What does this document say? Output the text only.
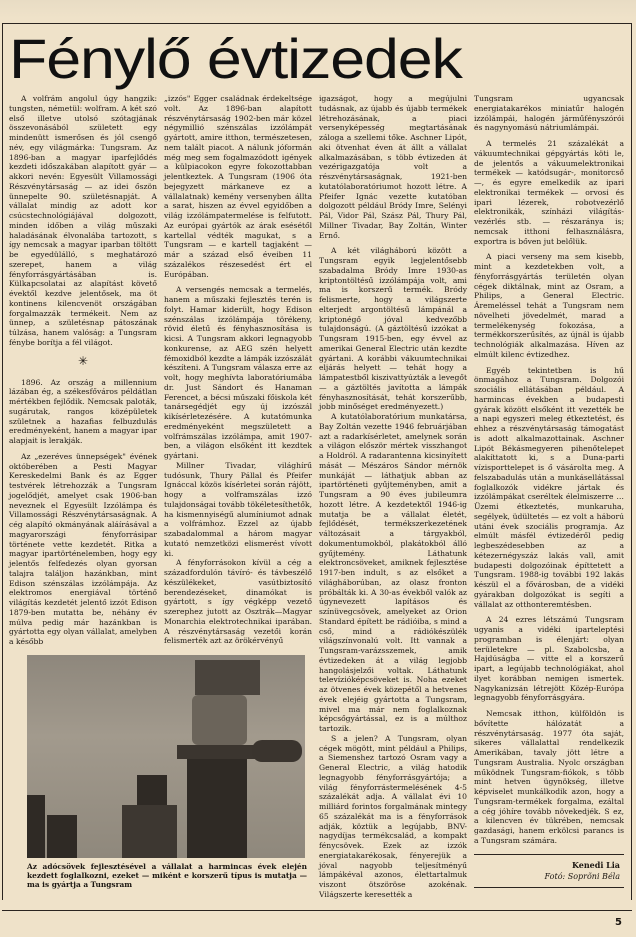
Fénylő évtizedek

A volfrám angolul úgy hangzik: tungsten, németül: wolfram. A két szó első illetve utolsó szótagjának összevonásából született egy mindenütt ismerősen és jól csengő név, egy világmárka: Tungsram. Az 1896-ban a magyar iparfejlődés kezdeti időszakában alapított gyár — akkori nevén: Egyesült Villamossági Részvénytársaság — az idei őszön ünnepelte 90. születésnapját. A vállalat mindig az adott kor csúcstechnológiájával dolgozott, minden időben a világ műszaki haladásának élvonalába tartozott, s így nemcsak a magyar iparban töltött be egyedülálló, s meghatározó szerepet, hanem a világ fényforrásgyártásában is. Külkapcsolatai az alapítást követő évektől kezdve jelentősek, ma öt kontinens kilencvenöt országában forgalmazzák termékeit. Nem az ünnep, a születésnap pátoszának túlzása, hanem valóság: a Tungsram fénybe borítja a fél világot.

✳

1896. Az ország a millennium lázában ég, a székesfőváros példátlan mértékben fejlődik. Nemcsak paloták, sugárutak, rangos középületek születnek a hazafias felbuzdulás eredményeként, hanem a magyar ipar alapjait is lerakják.

Az „ezeréves ünnepségek" évének októberében a Pesti Magyar Kereskedelmi Bank és az Egger testvérek létrehozzák a Tungsram jogelődjét, amelyet csak 1906-ban neveznek el Egyesült Izzólámpa és Villamossági Részvénytársaságnak. A cég alapító okmányának aláírásával a magyarországi fényforrásipar története vette kezdetét. Ritka a magyar ipartörténelemben, hogy egy jelentős felfedezés olyan gyorsan talajra találjon hazánkban, mint Edison szénszálas izzólámpája. Az elektromos energiával történő világítás kezdetét jelentő izzót Edison 1879-ben mutatta be, néhány év múlva pedig már hazánkban is gyártotta egy olyan vállalat, amelyben a később

„izzós" Egger családnak érdekeltsége volt. Az 1896-ban alapított részvénytársaság 1902-ben már közel négymillió szénszálas izzólámpát gyártott, amire itthon, természetesen, nem talált piacot. A nálunk jóformán még meg sem fogalmazódott igények a külpiacokon egyre fokozottabban jelentkeztek. A Tungsram (1906 óta bejegyzett márkaneve ez a vállalatnak) kemény versenyben állta a sarat, hiszen az évvel egyidőben a világ izzólámpatermelése is felfutott. Az európai gyártók az árak esésétől kartellal védték magukat, s a Tungsram — e kartell tagjaként — már a század első éveiben 11 százalékos részesedést ért el Európában.

A versengés nemcsak a termelés, hanem a műszaki fejlesztés terén is folyt. Hamar kiderült, hogy Edison szénszálas izzólámpája törékeny, rövid életű és fényhasznosítása is kicsi. A Tungsram akkori legnagyobb konkurense, az AEG szén helyett fémoxidból kezdte a lámpák izzószálát készíteni. A Tungsram válasza erre az volt, hogy meghívta laboratóriumába dr. Just Sándort és Hanaman Ferencet, a bécsi műszaki főiskola két tanársegédjét egy új izzószál kikísérletezésére. A kutatómunka eredményeként megszületett a volfrámszálas izzólámpa, amit 1907-ben, a világon elsőként itt kezdtek gyártani.

Millner Tivadar, világhírű tudósunk, Thury Pállal és Pfeifer Ignáccal közös kísérletei során rájött, hogy a volframszálas izzó tulajdonságai tovább tökéletesíthetők, ha kismennyiségű alumíniumot adnak a volfrámhoz. Ezzel az újabb szabadalommal a három magyar kutató nemzetközi elismerést vívott ki.

A fényforrásokon kívül a cég a századfordulón távíró- és távbeszélő készülékeket, vasútbiztosító berendezéseket, dinamókat is gyártott, s így végképp vezető szerephez jutott az Osztrák—Magyar Monarchia elektrotechnikai iparában. A részvénytársaság vezetői korán felismerték azt az örökérvényű

Az adócsövek fejlesztésével a vállalat a harmincas évek elején kezdett foglalkozni, ezeket — miként e korszerű típus is mutatja — ma is gyártja a Tungsram

igazságot, hogy a megújulni tudásnak, az újabb és újabb termékek létrehozásának, a piaci versenyképesség megtartásának záloga a szellemi tőke. Aschner Lipót, aki ötvenhat éven át állt a vállalat alkalmazásában, s több évtizeden át vezérigazgatója volt a részvénytársaságnak, 1921-ben kutatólaboratóriumot hozott létre. A Pfeifer Ignác vezette kutatóban dolgozott például Bródy Imre, Selényi Pál, Vidor Pál, Szász Pál, Thury Pál, Millner Tivadar, Bay Zoltán, Winter Ernő.

A két világháború között a Tungsram egyik legjelentősebb szabadalma Bródy Imre 1930-as kriptontöltésű izzólámpája volt, ami ma is korszerű termék. Bródy felismerte, hogy a világszerte elterjedt argontöltésű lámpánál a kriptonégő jóval kedvezőbb tulajdonságú. (A gáztöltésű izzókat a Tungsram 1915-ben, egy évvel az amerikai General Electric után kezdte gyártani. A korábbi vákuumtechnikai eljárás helyett — tehát hogy a lámpatestből kiszivattyúzták a levegőt — a gáztöltés javította a lámpák fényhasznosítását, tehát korszerűbb, jobb minőséget eredményezett.)

A kutatólaboratórium munkatársa, Bay Zoltán vezette 1946 februárjában azt a radarkísérletet, amelynek során a világon először mértek visszhangot a Holdról. A radarantenna kicsinyített mását — Mészáros Sándor mérnök munkáját — láthatjuk abban az ipartörténeti gyűjteményben, amit a Tungsram a 90 éves jubileumra hozott létre. A kezdetektől 1946-ig mutatja be a vállalat életét, fejlődését, termékszerkezetének változásait a tárgyakból, dokumentumokból, plakátokból álló gyűjtemény. Láthatunk elektroncsöveket, amiknek fejlesztése 1917-ben indult, s az elsőket a világháborúban, az olasz fronton próbálták ki. A 30-as évekből valók az úgynevezett lapításos és színüvegcsövek, amelyeket az Orion Standard épített be rádióiba, s mind a cső, mind a rádiókészülék világszínvonalú volt. Itt vannak a Tungsram-varázsszemek, amik évtizedeken át a világ legjobb hangolásjelzői voltak. Láthatunk televízióképcsöveket is. Noha ezeket az ötvenes évek közepétől a hetvenes évek elejéig gyártotta a Tungsram, mivel ma már nem foglalkoznak képcsőgyártással, ez is a múlthoz tartozik.

S a jelen? A Tungsram, olyan cégek mögött, mint például a Philips, a Siemenshez tartozó Osram vagy a General Electric, a világ hatodik legnagyobb fényforrásgyártója; a világ fényforrástermelésének 4-5 százalékát adja. A vállalat évi 10 milliárd forintos forgalmának mintegy 65 százalékát ma is a fényforrások adják, köztük a legújabb, BNV-nagydíjas termékcsalád, a kompakt fénycsövek. Ezek az izzók energiatakarékosak, fényerejük a jóval nagyobb teljesítményű lámpákéval azonos, élettartalmuk viszont ötszöröse azokénak. Világszerte keresették a

Tungsram ugyancsak energiatakarékos miniatűr halogén izzólámpái, halogén járműfényszórói és nagynyomású nátriumlámpái.

A termelés 21 százalékát a vákuumtechnikai gépgyártás köti le, de jelentős a vákuumelektronikai termékek — katódsugár-, monitorcső —, és egyre emelkedik az ipari elektronikai termékek — orvosi és ipari lézerek, robotvezérlő elektronikák, színházi világítás-vezérlés stb. — részaránya is; nemcsak itthoni felhasználásra, exportra is bőven jut belőlük.

A piaci verseny ma sem kisebb, mint a kezdetekben volt, a fényforrásgyártás területén olyan cégek diktálnak, mint az Osram, a Philips, a General Electric. Áremeléssel tehát a Tungsram nem növelheti jövedelmét, marad a termelékenység fokozása, a termékkorszerűsítés, az újnál is újabb technológiák alkalmazása. Híven az elmúlt kilenc évtizedhez.

Egyéb tekintetben is hű önmagához a Tungsram. Dolgozói szociális ellátásában például. A harmincas években a budapesti gyárak között elsőként itt vezették be a napi egyszeri meleg étkeztetést, és ehhez a részvénytársaság támogatást is adott alkalmazottainak. Aschner Lipót Békásmegyeren pihenőtelepet alakíttatott ki, s a Duna-parti vízisporttelepet is ő vásárolta meg. A felszabadulás után a munkásellátással foglalkozók vidékre jártak és izzólámpákat cseréltek élelmiszerre … Üzemi étkeztetés, munkaruha, segélyek, üdültetés — ez volt a háború utáni évek szociális programja. Az elmúlt másfél évtizedéről pedig legbeszédesebben az a kétezernégyszáz lakás vall, amit budapesti dolgozóinak építtetett a Tungsram. 1988-ig további 192 lakás készül el a fővárosban, de a vidéki gyárakban dolgozókat is segíti a vállalat az otthonteremtésben.

A 24 ezres létszámú Tungsram ugyanis a vidéki iparteleptési programban is élenjárt: olyan területekre — pl. Szabolcsba, a Hajdúságba — vitte el a korszerű ipart, a legújabb technológiákat, ahol ilyet korábban nemigen ismertek. Nagykanizsán létrejött Közép-Európa legnagyobb fényforrásgyára.

Nemcsak itthon, külföldön is bővítette hálózatát a részvénytársaság. 1977 óta saját, sikeres vállalattal rendelkezik Amerikában, tavaly jött létre a Tungsram Australia. Nyolc országban működnek Tungsram-fiókok, s több mint hetven ügynökség, illetve képviselet munkálkodik azon, hogy a Tungsram-termékek forgalma, ezáltal a cég jóhíre tovább növekedjék. S ez, a kilencven év tükrében, nemcsak gazdasági, hanem erkölcsi parancs is a Tungsram számára.

Kenedi Lia
Fotó: Soprõni Béla
5
